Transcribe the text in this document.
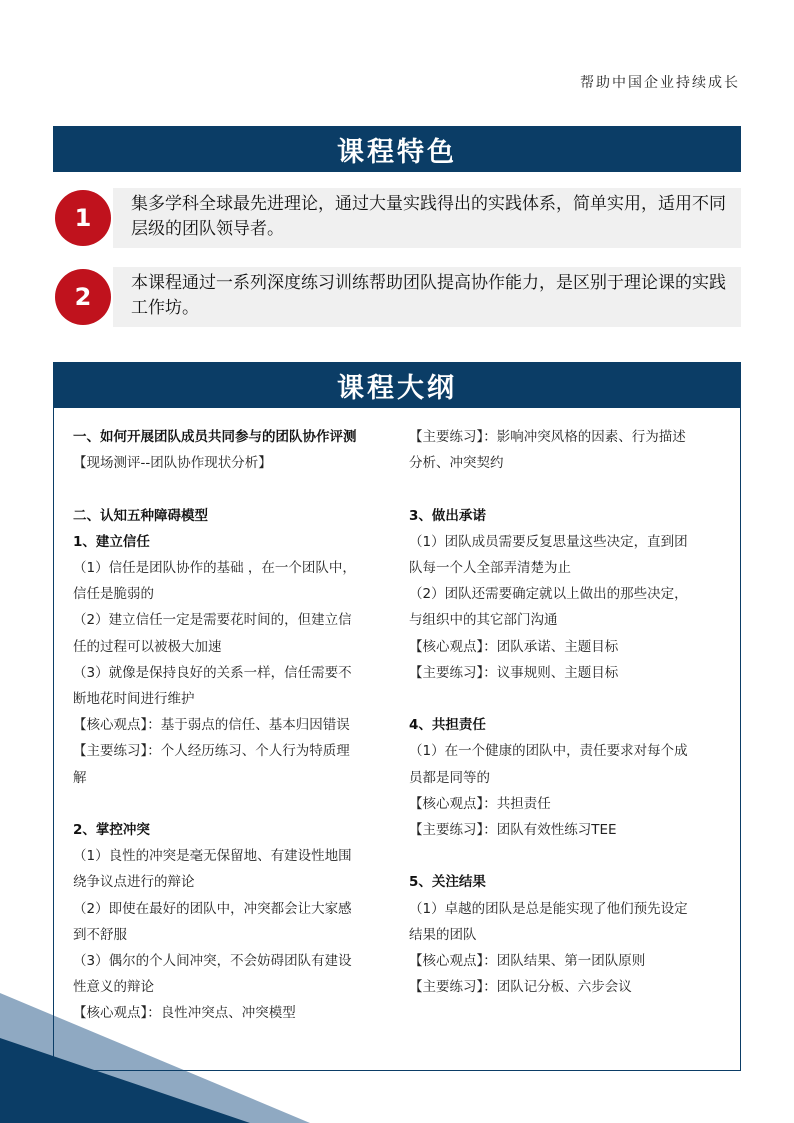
帮助中国企业持续成长
课程特色
1	集多学科全球最先进理论，通过大量实践得出的实践体系，简单实用，适用不同层级的团队领导者。
2	本课程通过一系列深度练习训练帮助团队提高协作能力，是区别于理论课的实践工作坊。
课程大纲
一、如何开展团队成员共同参与的团队协作评测
【现场测评--团队协作现状分析】
二、认知五种障碍模型
1、建立信任
（1）信任是团队协作的基础 ，在一个团队中，
信任是脆弱的
（2）建立信任一定是需要花时间的，但建立信
任的过程可以被极大加速
（3）就像是保持良好的关系一样，信任需要不
断地花时间进行维护
【核心观点】：基于弱点的信任、基本归因错误
【主要练习】：个人经历练习、个人行为特质理
解
2、掌控冲突
（1）良性的冲突是毫无保留地、有建设性地围
绕争议点进行的辩论
（2）即使在最好的团队中，冲突都会让大家感
到不舒服
（3）偶尔的个人间冲突，不会妨碍团队有建设
性意义的辩论
【核心观点】：良性冲突点、冲突模型
【主要练习】：影响冲突风格的因素、行为描述
分析、冲突契约
3、做出承诺
（1）团队成员需要反复思量这些决定，直到团
队每一个人全部弄清楚为止
（2）团队还需要确定就以上做出的那些决定，
与组织中的其它部门沟通
【核心观点】：团队承诺、主题目标
【主要练习】：议事规则、主题目标
4、共担责任
（1）在一个健康的团队中，责任要求对每个成
员都是同等的
【核心观点】：共担责任
【主要练习】：团队有效性练习TEE
5、关注结果
（1）卓越的团队是总是能实现了他们预先设定
结果的团队
【核心观点】：团队结果、第一团队原则
【主要练习】：团队记分板、六步会议
